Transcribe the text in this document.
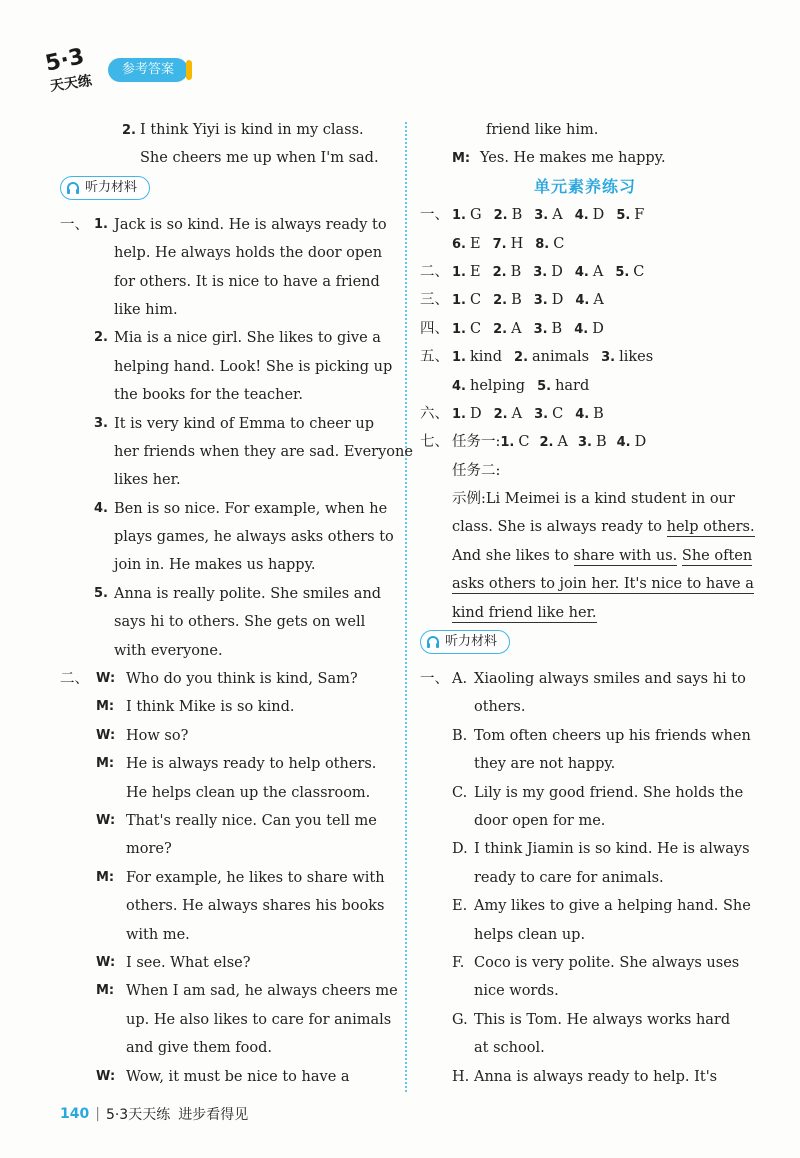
5·3
天天练
参考答案
2. I think Yiyi is kind in my class.
She cheers me up when I'm sad.
听力材料
一、 1. Jack is so kind. He is always ready to
help. He always holds the door open
for others. It is nice to have a friend
like him.
2. Mia is a nice girl. She likes to give a
helping hand. Look! She is picking up
the books for the teacher.
3. It is very kind of Emma to cheer up
her friends when they are sad. Everyone
likes her.
4. Ben is so nice. For example, when he
plays games, he always asks others to
join in. He makes us happy.
5. Anna is really polite. She smiles and
says hi to others. She gets on well
with everyone.
二、 W: Who do you think is kind, Sam?
M: I think Mike is so kind.
W: How so?
M: He is always ready to help others.
He helps clean up the classroom.
W: That's really nice. Can you tell me
more?
M: For example, he likes to share with
others. He always shares his books
with me.
W: I see. What else?
M: When I am sad, he always cheers me
up. He also likes to care for animals
and give them food.
W: Wow, it must be nice to have a
friend like him.
M: Yes. He makes me happy.
单元素养练习
一、 1. G 2. B 3. A 4. D 5. F
6. E 7. H 8. C
二、 1. E 2. B 3. D 4. A 5. C
三、 1. C 2. B 3. D 4. A
四、 1. C 2. A 3. B 4. D
五、 1. kind 2. animals 3. likes
4. helping 5. hard
六、 1. D 2. A 3. C 4. B
七、 任务一:1. C 2. A 3. B 4. D
任务二:
示例:Li Meimei is a kind student in our
class. She is always ready to help others.
And she likes to share with us. She often
asks others to join her. It's nice to have a
kind friend like her.
听力材料
一、 A. Xiaoling always smiles and says hi to
others.
B. Tom often cheers up his friends when
they are not happy.
C. Lily is my good friend. She holds the
door open for me.
D. I think Jiamin is so kind. He is always
ready to care for animals.
E. Amy likes to give a helping hand. She
helps clean up.
F. Coco is very polite. She always uses
nice words.
G. This is Tom. He always works hard
at school.
H. Anna is always ready to help. It's
140 | 5·3天天练 进步看得见
